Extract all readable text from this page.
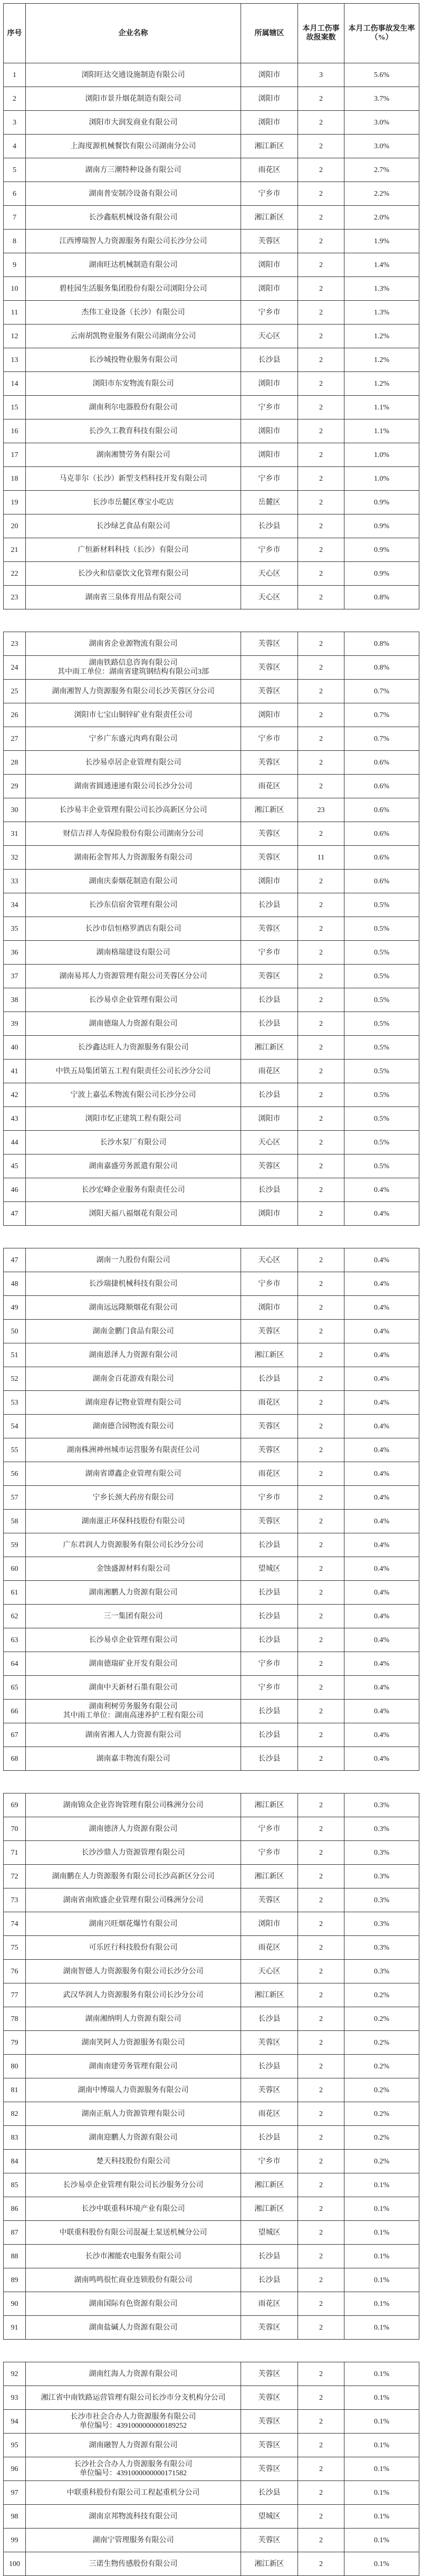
序号	企业名称	所属辖区	本月工伤事故报案数	本月工伤事故发生率（%）
1	浏阳旺达交通设施制造有限公司	浏阳市	3	5.6%
2	浏阳市景升烟花制造有限公司	浏阳市	2	3.7%
3	浏阳市大润发商业有限公司	浏阳市	2	3.0%
4	上海度源机械餐饮有限公司湖南分公司	湘江新区	2	3.0%
5	湖南方三潮特种设备有限公司	雨花区	2	2.7%
6	湖南普安制冷设备有限公司	宁乡市	2	2.2%
7	长沙鑫航机械设备有限公司	湘江新区	2	2.0%
8	江西博瑞智人力资源服务有限公司长沙分公司	芙蓉区	2	1.9%
9	湖南旺达机械制造有限公司	浏阳市	2	1.4%
10	碧桂园生活服务集团股份有限公司浏阳分公司	浏阳市	2	1.3%
11	杰伟工业设备（长沙）有限公司	宁乡市	2	1.3%
12	云南胡凯物业服务有限公司湖南分公司	天心区	2	1.2%
13	长沙城投物业服务有限公司	长沙县	2	1.2%
14	浏阳市东安物流有限公司	浏阳市	2	1.2%
15	湖南利尔电器股份有限公司	宁乡市	2	1.1%
16	长沙久工教育科技有限公司	浏阳市	2	1.1%
17	湖南湘赞劳务有限公司	浏阳市	2	1.0%
18	马克菲尔（长沙）新型支档科技开发有限公司	宁乡市	2	1.0%
19	长沙市岳麓区尊宝小吃店	岳麓区	2	0.9%
20	长沙绿艺食品有限公司	长沙县	2	0.9%
21	广恒新材料科技（长沙）有限公司	宁乡市	2	0.9%
22	长沙火和信豪饮文化管理有限公司	天心区	2	0.9%
23	湖南省三泉体育用品有限公司	天心区	2	0.8%
23	湖南省企业源物流有限公司	芙蓉区	2	0.8%
24	湖南铁路信息咨询有限公司
其中雨工单位：湖南省建筑钢结构有限公司3部	芙蓉区	2	0.8%
25	湖南湘智人力资源服务有限公司长沙芙蓉区分公司	芙蓉区	2	0.7%
26	浏阳市七宝山铜锌矿业有限责任公司	浏阳市	2	0.7%
27	宁乡广东盛元肉鸡有限公司	宁乡市	2	0.7%
28	长沙易卓居企业管理有限公司	芙蓉区	2	0.6%
29	湖南省圆通速递有限公司长沙分公司	雨花区	2	0.6%
30	长沙易丰企业管理有限公司长沙高新区分公司	湘江新区	23	0.6%
31	财信吉祥人寿保险股份有限公司湖南分公司	芙蓉区	2	0.6%
32	湖南拓金智邦人力资源服务有限公司	芙蓉区	11	0.6%
33	湖南庆泰烟花制造有限公司	浏阳市	2	0.6%
34	长沙东信宿舍管理有限公司	长沙县	2	0.5%
35	长沙市信恒格罗酒店有限公司	芙蓉区	2	0.5%
36	湖南格瑞建设有限公司	宁乡市	2	0.5%
37	湖南易邦人力资源管理有限公司芙蓉区分公司	芙蓉区	2	0.5%
38	长沙易卓企业管理有限公司	长沙县	2	0.5%
39	湖南德瑞人力资源有限公司	长沙县	2	0.5%
40	长沙鑫达旺人力资源服务有限公司	湘江新区	2	0.5%
41	中铁五局集团第五工程有限责任公司长沙分公司	雨花区	2	0.5%
42	宁波上嘉弘禾物流有限公司长沙分公司	长沙县	2	0.5%
43	浏阳市忆正建筑工程有限公司	浏阳市	2	0.5%
44	长沙水泵厂有限公司	天心区	2	0.5%
45	湖南嘉盛劳务派遣有限公司	芙蓉区	2	0.5%
46	长沙宏峰企业服务有限责任公司	长沙县	2	0.4%
47	浏阳天福八福烟花有限公司	浏阳市	2	0.4%
47	湖南一九股份有限公司	天心区	2	0.4%
48	长沙瑞捷机械科技有限公司	宁乡市	2	0.4%
49	湖南远远隆顺烟花有限公司	浏阳市	2	0.4%
50	湖南金鹏门食品有限公司	芙蓉区	2	0.4%
51	湖南恩泽人力资源有限公司	湘江新区	2	0.4%
52	湖南金百花游戏有限公司	长沙县	2	0.4%
53	湖南迎春记物业管理有限公司	雨花区	2	0.4%
54	湖南德合园物流有限公司	芙蓉区	2	0.4%
55	湖南株洲神州城市运营服务有限责任公司	芙蓉区	2	0.4%
56	湖南省谭鑫企业管理有限公司	雨花区	2	0.4%
57	宁乡长颈大药房有限公司	宁乡市	2	0.4%
58	湖南滋正环保科技股份有限公司	芙蓉区	2	0.4%
59	广东君润人力资源服务有限公司长沙分公司	长沙县	2	0.4%
60	金蚀盛源材料有限公司	望城区	2	0.4%
61	湖南湘鹏人力资源有限公司	长沙县	2	0.4%
62	三一集团有限公司	长沙县	2	0.4%
63	长沙易卓企业管理有限公司	长沙县	2	0.4%
64	湖南德瑞矿业开发有限公司	宁乡市	2	0.4%
65	湖南中天新材石墨有限公司	宁乡市	2	0.4%
66	湖南利树劳务服务有限公司
其中雨工单位：湖南高速养护工程有限公司	长沙县	2	0.4%
67	湖南省湘人人力资源有限公司	长沙县	2	0.4%
68	湖南嘉丰物流有限公司	长沙县	2	0.4%
69	湖南锦众企业咨询管理有限公司株洲分公司	湘江新区	2	0.3%
70	湖南德济人力资源有限公司	宁乡市	2	0.3%
71	长沙沙鼎人力资源管理有限公司	宁乡市	2	0.3%
72	湖南鹏在人力资源服务有限公司长沙高新区分公司	湘江新区	2	0.3%
73	湖南省南欧盛企业管理有限公司株洲分公司	芙蓉区	2	0.3%
74	湖南兴旺烟花爆竹有限公司	浏阳市	2	0.3%
75	可乐匠行科技股份有限公司	雨花区	2	0.3%
76	湖南智德人力资源服务有限公司长沙分公司	天心区	2	0.3%
77	武汉华润人力资源服务有限公司长沙分公司	湘江新区	2	0.2%
78	湖南湘纳明人力资源有限公司	长沙县	2	0.2%
79	湖南笑阿人力资源服务有限公司	芙蓉区	2	0.2%
80	湖南南建劳务管理有限公司	长沙县	2	0.2%
81	湖南中博瑞人力资源服务有限公司	芙蓉区	2	0.2%
82	湖南正航人力资源管理有限公司	雨花区	2	0.2%
83	湖南迎鹏人力资源有限公司	长沙县	2	0.2%
84	楚天科技股份有限公司	宁乡市	2	0.2%
85	长沙易卓企业管理有限公司长沙服务分公司	湘江新区	2	0.1%
86	长沙中联重科环境产业有限公司	湘江新区	2	0.1%
87	中联重科股份有限公司混凝土泵送机械分公司	望城区	2	0.1%
88	长沙市湘能农电服务有限公司	长沙县	2	0.1%
89	湖南鸣鸣很忙商业连锁股份有限公司	长沙县	2	0.1%
90	湖南国际有色资源有限公司	雨花区	2	0.1%
91	湖南盐碱人力资源有限公司	芙蓉区	2	0.1%
92	湖南红海人力资源有限公司	芙蓉区	2	0.1%
93	湘江省中南铁路运营管理有限公司长沙市分支机构分公司	芙蓉区	2	0.1%
94	长沙市社会合办人力资源服务有限公司
单位编号：4391000000000189252	芙蓉区	2	0.1%
95	湖南融智人力资源有限公司	芙蓉区	2	0.1%
96	长沙社会合办人力资源服务有限公司
单位编号：4391000000000171582	芙蓉区	2	0.1%
97	中联重科股份有限公司工程起重机分公司	长沙县	2	0.1%
98	湖南京邦物流科技有限公司	望城区	2	0.1%
99	湖南宁管理服务有限公司	芙蓉区	2	0.1%
100	三诺生物传感股份有限公司	湘江新区	2	0.1%
